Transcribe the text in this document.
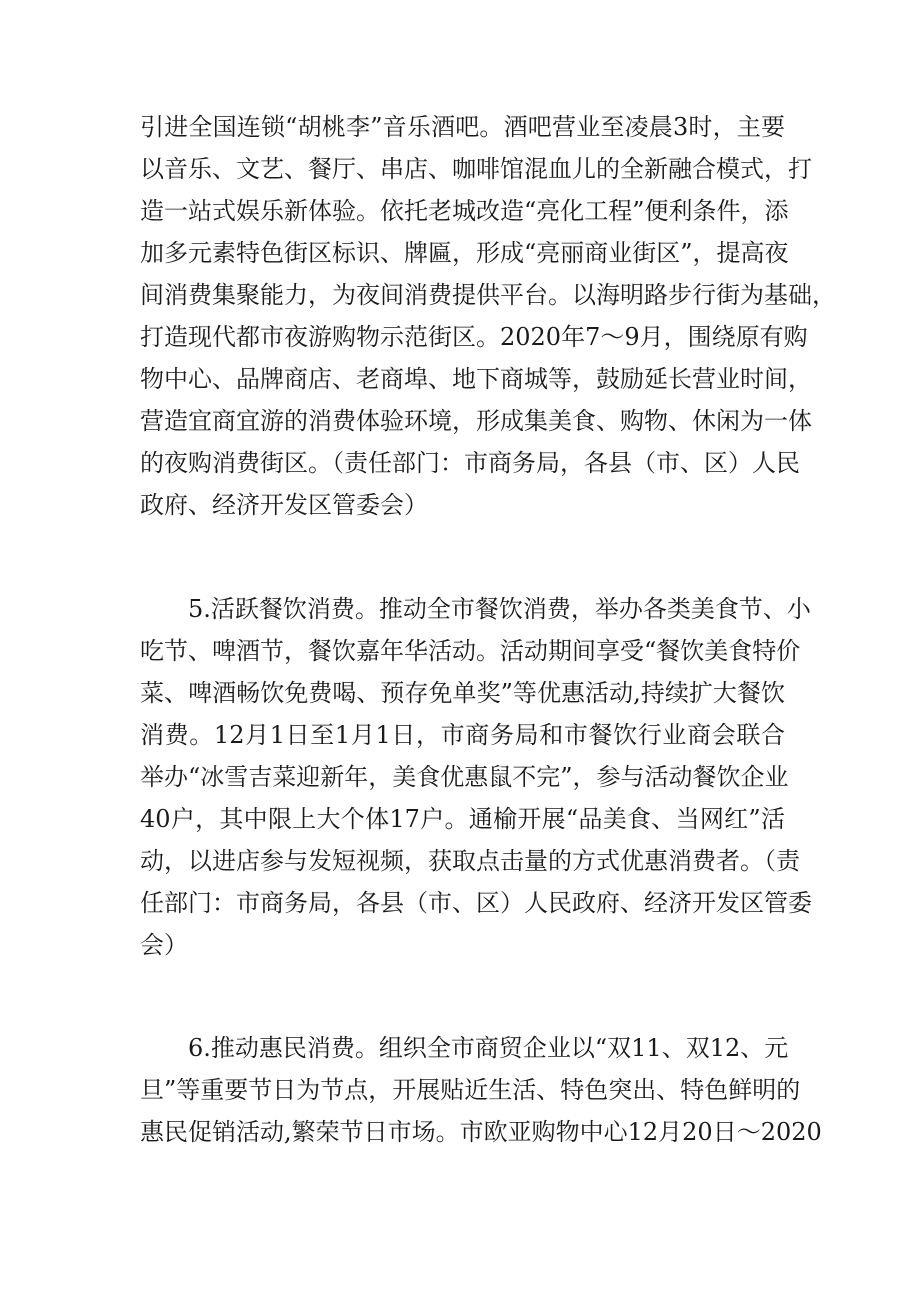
引进全国连锁“胡桃李”音乐酒吧。酒吧营业至凌晨3时，主要
以音乐、文艺、餐厅、串店、咖啡馆混血儿的全新融合模式，打
造一站式娱乐新体验。依托老城改造“亮化工程”便利条件，添
加多元素特色街区标识、牌匾，形成“亮丽商业街区”，提高夜
间消费集聚能力，为夜间消费提供平台。以海明路步行街为基础，
打造现代都市夜游购物示范街区。2020年7～9月，围绕原有购
物中心、品牌商店、老商埠、地下商城等，鼓励延长营业时间，
营造宜商宜游的消费体验环境，形成集美食、购物、休闲为一体
的夜购消费街区。（责任部门：市商务局，各县（市、区）人民
政府、经济开发区管委会）
5.活跃餐饮消费。推动全市餐饮消费，举办各类美食节、小
吃节、啤酒节，餐饮嘉年华活动。活动期间享受“餐饮美食特价
菜、啤酒畅饮免费喝、预存免单奖”等优惠活动,持续扩大餐饮
消费。12月1日至1月1日，市商务局和市餐饮行业商会联合
举办“冰雪吉菜迎新年，美食优惠鼠不完”，参与活动餐饮企业
40户，其中限上大个体17户。通榆开展“品美食、当网红”活
动，以进店参与发短视频，获取点击量的方式优惠消费者。（责
任部门：市商务局，各县（市、区）人民政府、经济开发区管委
会）
6.推动惠民消费。组织全市商贸企业以“双11、双12、元
旦”等重要节日为节点，开展贴近生活、特色突出、特色鲜明的
惠民促销活动,繁荣节日市场。市欧亚购物中心12月20日～2020
